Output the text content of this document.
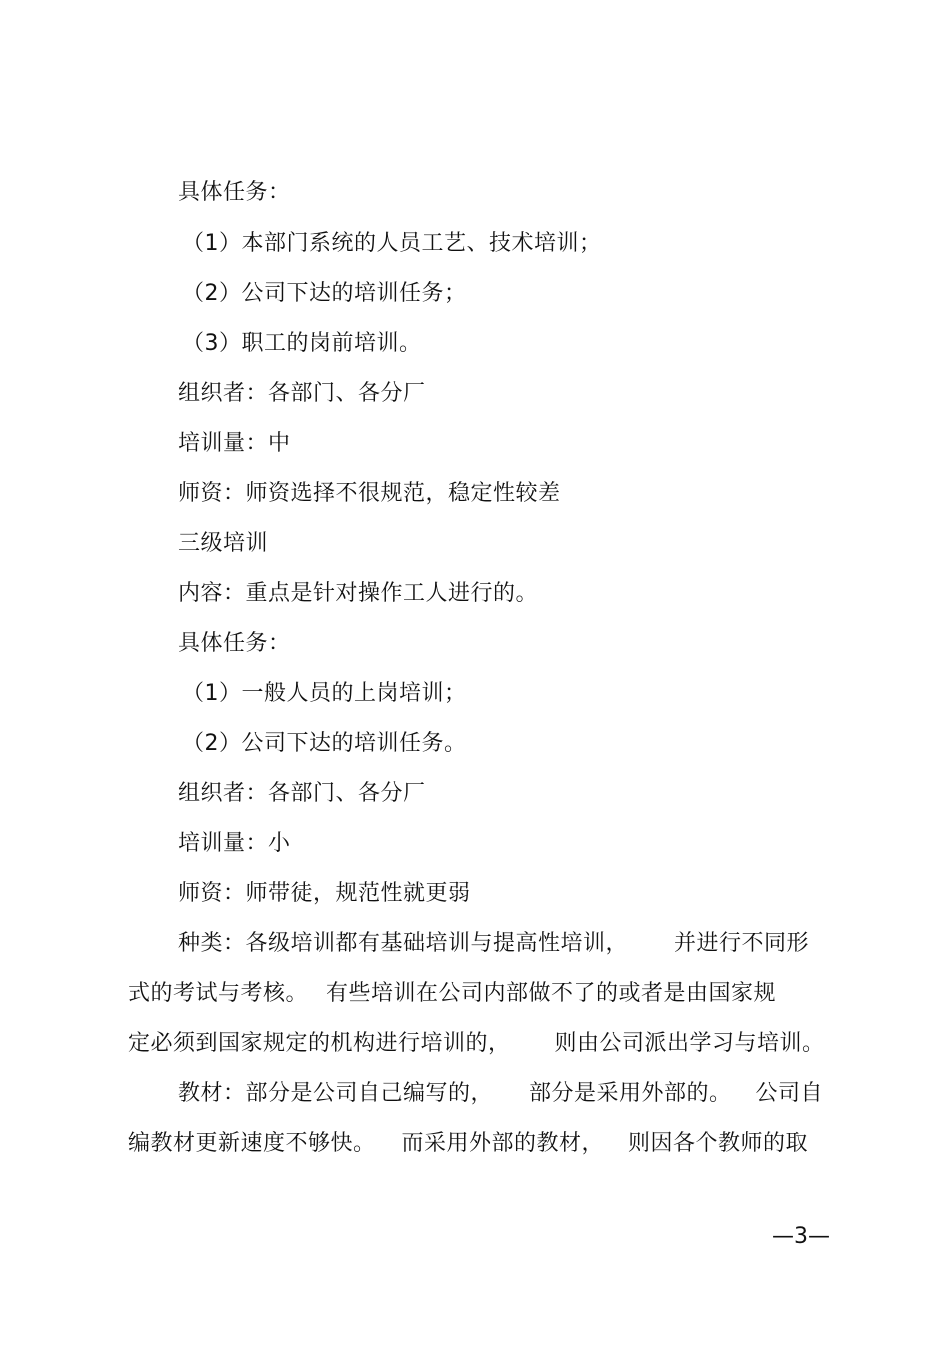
具体任务：
（1）本部门系统的人员工艺、技术培训；
（2）公司下达的培训任务；
（3）职工的岗前培训。
组织者：各部门、各分厂
培训量：中
师资：师资选择不很规范，稳定性较差
三级培训
内容：重点是针对操作工人进行的。
具体任务：
（1）一般人员的上岗培训；
（2）公司下达的培训任务。
组织者：各部门、各分厂
培训量：小
师资：师带徒，规范性就更弱
种类：各级培训都有基础培训与提高性培训， 并进行不同形
式的考试与考核。 有些培训在公司内部做不了的或者是由国家规
定必须到国家规定的机构进行培训的， 则由公司派出学习与培训。
教材：部分是公司自己编写的， 部分是采用外部的。 公司自
编教材更新速度不够快。 而采用外部的教材， 则因各个教师的取
—3—
